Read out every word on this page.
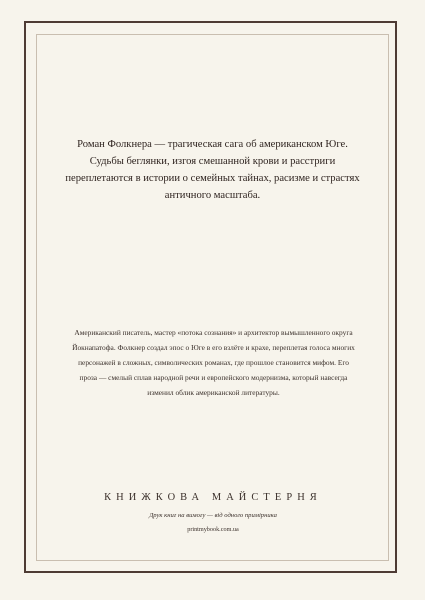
Роман Фолкнера — трагическая сага об американском Юге. Судьбы беглянки, изгоя смешанной крови и расстриги переплетаются в истории о семейных тайнах, расизме и страстях античного масштаба.

Американский писатель, мастер «потока сознания» и архитектор вымышленного округа Йокнапатофа. Фолкнер создал эпос о Юге в его взлёте и крахе, переплетая голоса многих персонажей в сложных, символических романах, где прошлое становится мифом. Его проза — смелый сплав народной речи и европейского модернизма, который навсегда изменил облик американской литературы.

КНИЖКОВА МАЙСТЕРНЯ

Друк книг на вимогу — від одного примірника

printmybook.com.ua
